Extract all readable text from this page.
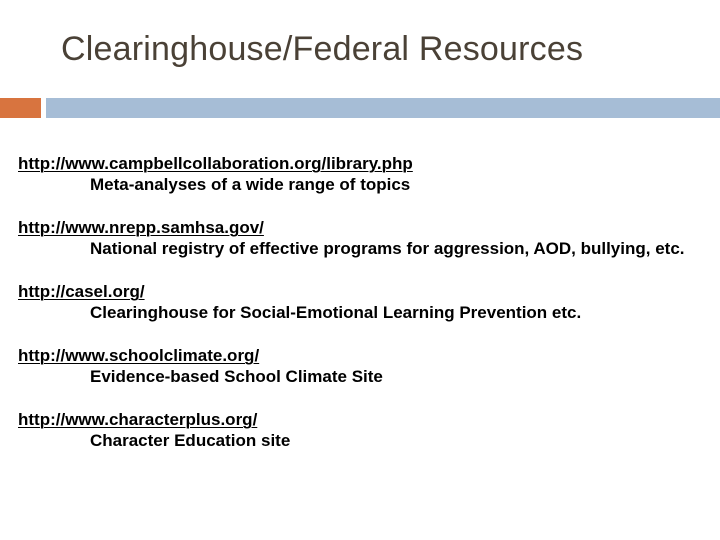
Clearinghouse/Federal Resources
http://www.campbellcollaboration.org/library.php
Meta-analyses of a wide range of topics
http://www.nrepp.samhsa.gov/
National registry of effective programs for aggression, AOD, bullying, etc.
http://casel.org/
Clearinghouse for Social-Emotional Learning Prevention etc.
http://www.schoolclimate.org/
Evidence-based School Climate Site
http://www.characterplus.org/
Character Education site
